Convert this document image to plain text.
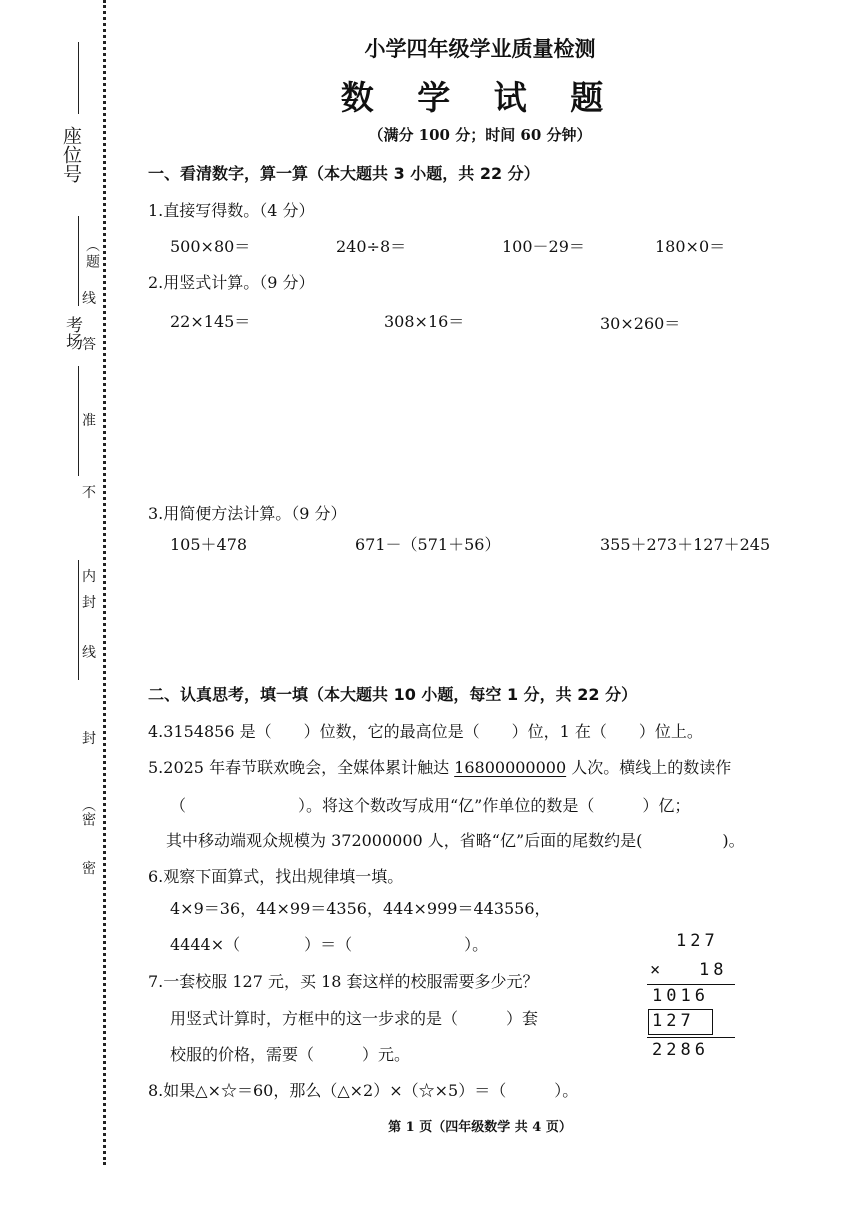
座位号
考场
（
题
线
答
准
不
内
封
线
封
（密
密
小学四年级学业质量检测
数 学 试 题
（满分 100 分；时间 60 分钟）
一、看清数字，算一算（本大题共 3 小题，共 22 分）
1.直接写得数。（4 分）
500×80＝	240÷8＝	100－29＝	180×0＝
2.用竖式计算。（9 分）
22×145＝	308×16＝	30×260＝
3.用简便方法计算。（9 分）
105＋478	671－（571＋56）	355＋273＋127＋245
二、认真思考，填一填（本大题共 10 小题，每空 1 分，共 22 分）
4.3154856 是（　　）位数，它的最高位是（　　）位，1 在（　　）位上。
5.2025 年春节联欢晚会，全媒体累计触达 16800000000 人次。横线上的数读作
（　　　　　　　）。将这个数改写成用“亿”作单位的数是（　　　）亿；
其中移动端观众规模为 372000000 人，省略“亿”后面的尾数约是(　　　　　)。
6.观察下面算式，找出规律填一填。
4×9＝36，44×99＝4356，444×999＝443556，
4444×（　　　　）＝（　　　　　　　）。
7.一套校服 127 元，买 18 套这样的校服需要多少元？
用竖式计算时，方框中的这一步求的是（　　　）套
校服的价格，需要（　　　）元。
127
× 18
1016
127
2286
8.如果△×☆＝60，那么（△×2）×（☆×5）＝（　　　）。
第 1 页（四年级数学 共 4 页）
